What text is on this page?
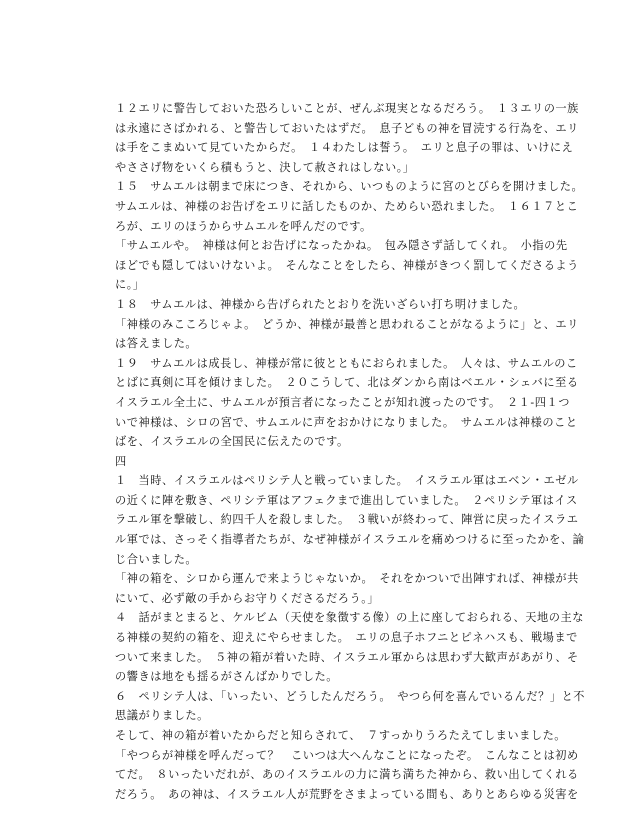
１２エリに警告しておいた恐ろしいことが、ぜんぶ現実となるだろう。　１３エリの一族
は永遠にさばかれる、と警告しておいたはずだ。　息子どもの神を冒涜する行為を、エリ
は手をこまぬいて見ていたからだ。　１４わたしは誓う。　エリと息子の罪は、いけにえ
やささげ物をいくら積もうと、決して赦されはしない。」
１５　サムエルは朝まで床につき、それから、いつものように宮のとびらを開けました。
サムエルは、神様のお告げをエリに話したものか、ためらい恐れました。　１６１７とこ
ろが、エリのほうからサムエルを呼んだのです。
「サムエルや。　神様は何とお告げになったかね。　包み隠さず話してくれ。　小指の先
ほどでも隠してはいけないよ。　そんなことをしたら、神様がきつく罰してくださるよう
に。」
１８　サムエルは、神様から告げられたとおりを洗いざらい打ち明けました。
「神様のみこころじゃよ。　どうか、神様が最善と思われることがなるように」と、エリ
は答えました。
１９　サムエルは成長し、神様が常に彼とともにおられました。　人々は、サムエルのこ
とばに真剣に耳を傾けました。　２０こうして、北はダンから南はベエル・シェバに至る
イスラエル全土に、サムエルが預言者になったことが知れ渡ったのです。　２１‐四１つ
いで神様は、シロの宮で、サムエルに声をおかけになりました。　サムエルは神様のこと
ばを、イスラエルの全国民に伝えたのです。
四
１　当時、イスラエルはペリシテ人と戦っていました。　イスラエル軍はエベン・エゼル
の近くに陣を敷き、ペリシテ軍はアフェクまで進出していました。　２ペリシテ軍はイス
ラエル軍を撃破し、約四千人を殺しました。　３戦いが終わって、陣営に戻ったイスラエ
ル軍では、さっそく指導者たちが、なぜ神様がイスラエルを痛めつけるに至ったかを、論
じ合いました。
「神の箱を、シロから運んで来ようじゃないか。　それをかついで出陣すれば、神様が共
にいて、必ず敵の手からお守りくださるだろう。」
４　話がまとまると、ケルビム（天使を象徴する像）の上に座しておられる、天地の主な
る神様の契約の箱を、迎えにやらせました。　エリの息子ホフニとピネハスも、戦場まで
ついて来ました。　５神の箱が着いた時、イスラエル軍からは思わず大歓声があがり、そ
の響きは地をも揺るがさんばかりでした。
６　ペリシテ人は、「いったい、どうしたんだろう。　やつら何を喜んでいるんだ？」と不
思議がりました。
そして、神の箱が着いたからだと知らされて、　７すっかりうろたえてしまいました。
「やつらが神様を呼んだって？　こいつは大へんなことになったぞ。　こんなことは初め
てだ。　８いったいだれが、あのイスラエルの力に満ち満ちた神から、救い出してくれる
だろう。　あの神は、イスラエル人が荒野をさまよっている間も、ありとあらゆる災害を
